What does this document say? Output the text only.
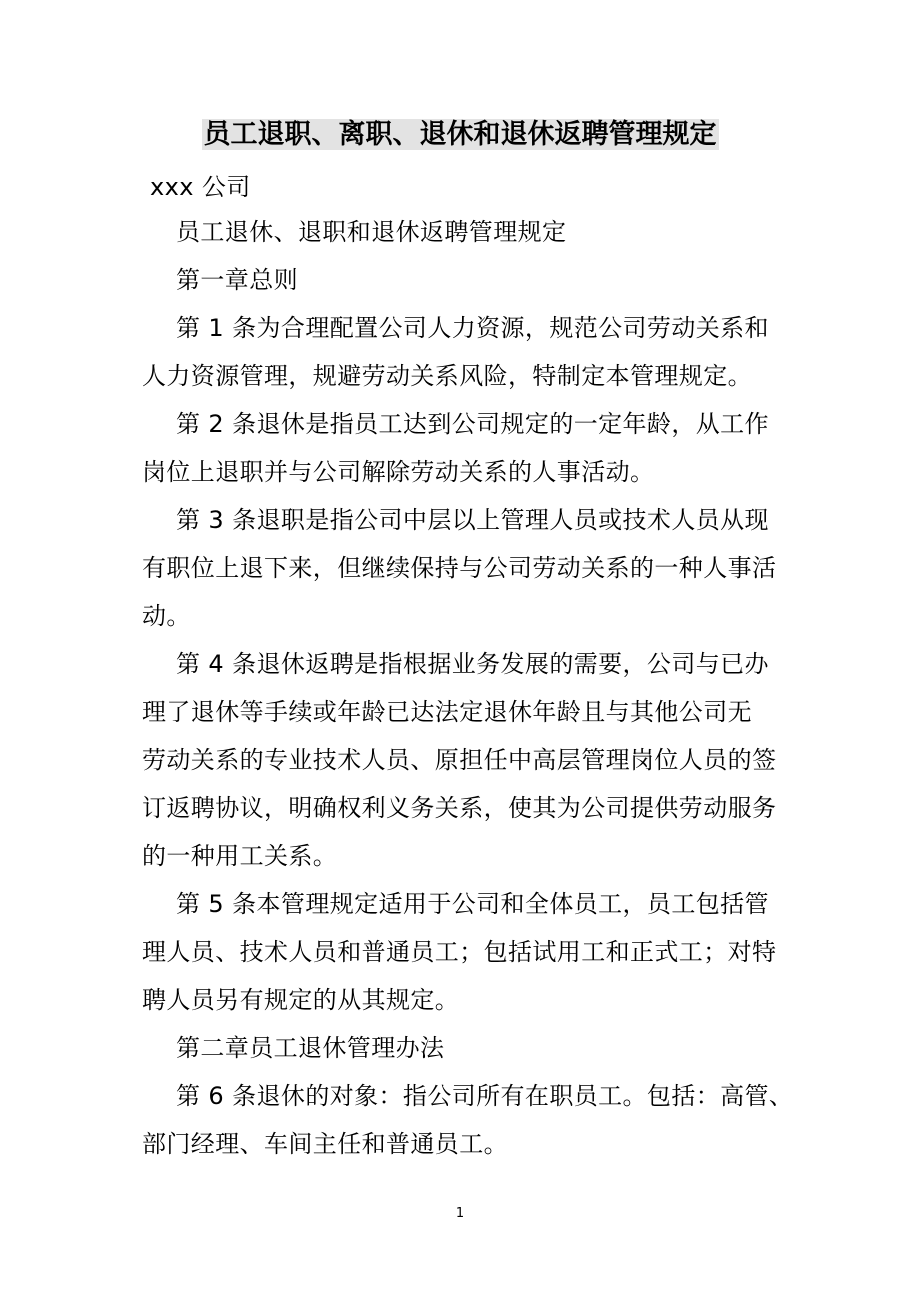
员工退职、离职、退休和退休返聘管理规定
xxx 公司
员工退休、退职和退休返聘管理规定
第一章总则
第 1 条为合理配置公司人力资源，规范公司劳动关系和
人力资源管理，规避劳动关系风险，特制定本管理规定。
第 2 条退休是指员工达到公司规定的一定年龄，从工作
岗位上退职并与公司解除劳动关系的人事活动。
第 3 条退职是指公司中层以上管理人员或技术人员从现
有职位上退下来，但继续保持与公司劳动关系的一种人事活
动。
第 4 条退休返聘是指根据业务发展的需要，公司与已办
理了退休等手续或年龄已达法定退休年龄且与其他公司无
劳动关系的专业技术人员、原担任中高层管理岗位人员的签
订返聘协议，明确权利义务关系，使其为公司提供劳动服务
的一种用工关系。
第 5 条本管理规定适用于公司和全体员工，员工包括管
理人员、技术人员和普通员工；包括试用工和正式工；对特
聘人员另有规定的从其规定。
第二章员工退休管理办法
第 6 条退休的对象：指公司所有在职员工。包括：高管、
部门经理、车间主任和普通员工。
1
